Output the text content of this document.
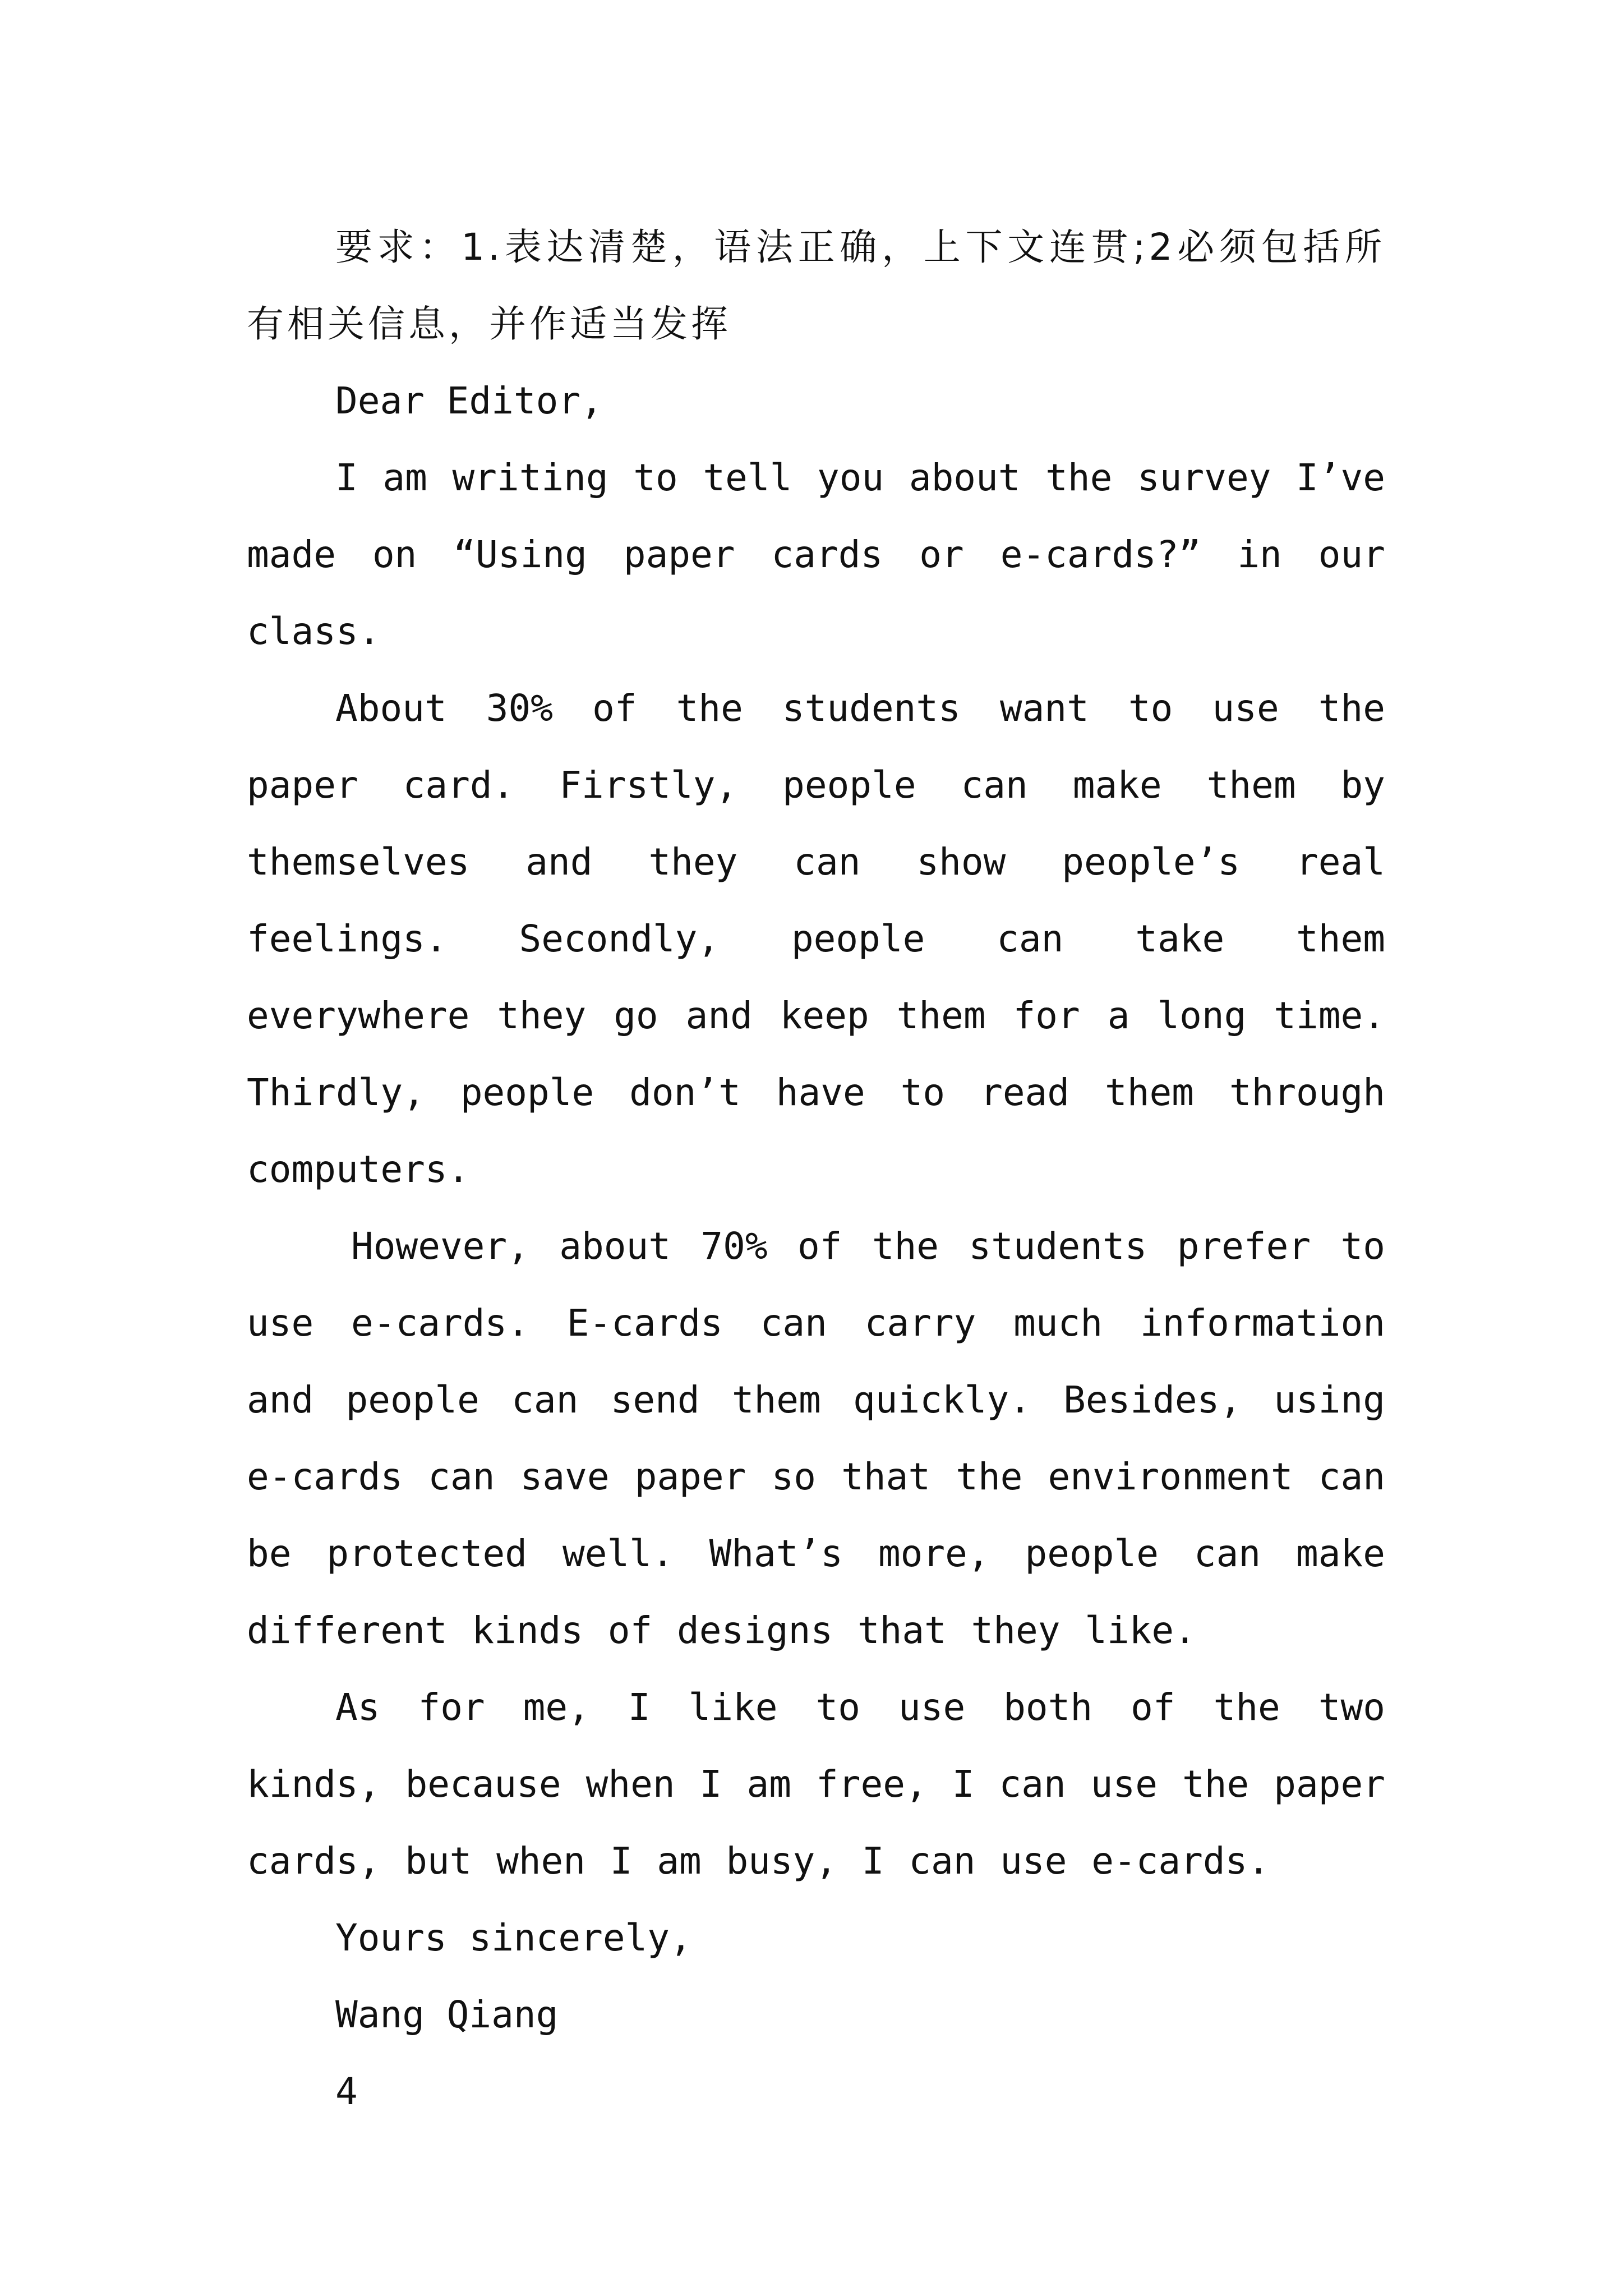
要求：1.表达清楚，语法正确，上下文连贯;2必须包括所有相关信息，并作适当发挥

Dear Editor,

I am writing to tell you about the survey I’ve made on “Using paper cards or e-cards?” in our class.

About 30% of the students want to use the paper card. Firstly, people can make them by themselves and they can show people’s real feelings. Secondly, people can take them everywhere they go and keep them for a long time. Thirdly, people don’t have to read them through computers.

However, about 70% of the students prefer to use e-cards. E-cards can carry much information and people can send them quickly. Besides, using e-cards can save paper so that the environment can be protected well. What’s more, people can make different kinds of designs that they like.

As for me, I like to use both of the two kinds, because when I am free, I can use the paper cards, but when I am busy, I can use e-cards.

Yours sincerely,

Wang Qiang

4
